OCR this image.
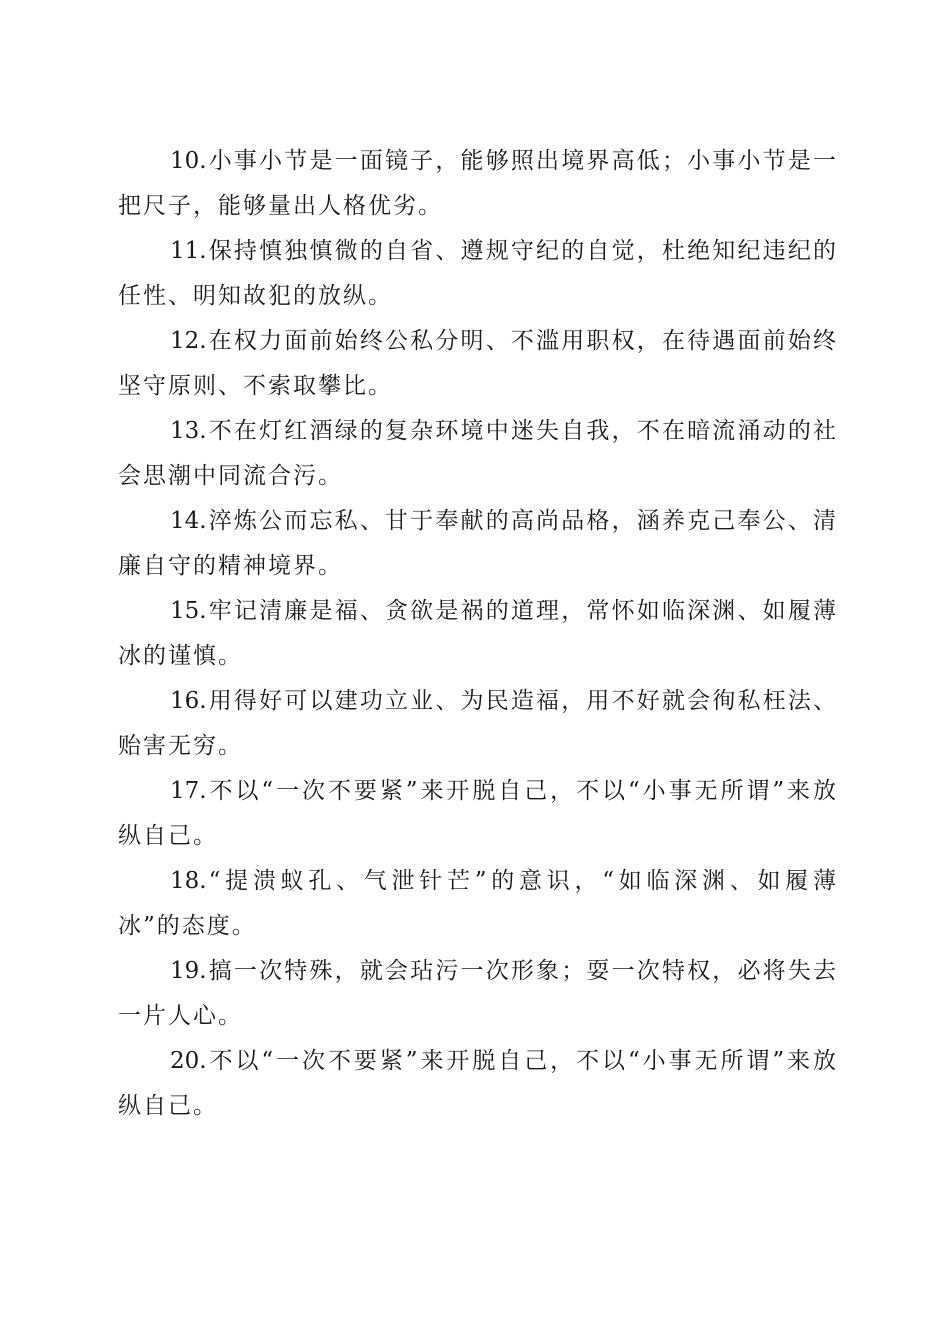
10.小事小节是一面镜子，能够照出境界高低；小事小节是一把尺子，能够量出人格优劣。

11.保持慎独慎微的自省、遵规守纪的自觉，杜绝知纪违纪的任性、明知故犯的放纵。

12.在权力面前始终公私分明、不滥用职权，在待遇面前始终坚守原则、不索取攀比。

13.不在灯红酒绿的复杂环境中迷失自我，不在暗流涌动的社会思潮中同流合污。

14.淬炼公而忘私、甘于奉献的高尚品格，涵养克己奉公、清廉自守的精神境界。

15.牢记清廉是福、贪欲是祸的道理，常怀如临深渊、如履薄冰的谨慎。

16.用得好可以建功立业、为民造福，用不好就会徇私枉法、贻害无穷。

17.不以“一次不要紧”来开脱自己，不以“小事无所谓”来放纵自己。

18.“提溃蚁孔、气泄针芒”的意识，“如临深渊、如履薄冰”的态度。

19.搞一次特殊，就会玷污一次形象；耍一次特权，必将失去一片人心。

20.不以“一次不要紧”来开脱自己，不以“小事无所谓”来放纵自己。
